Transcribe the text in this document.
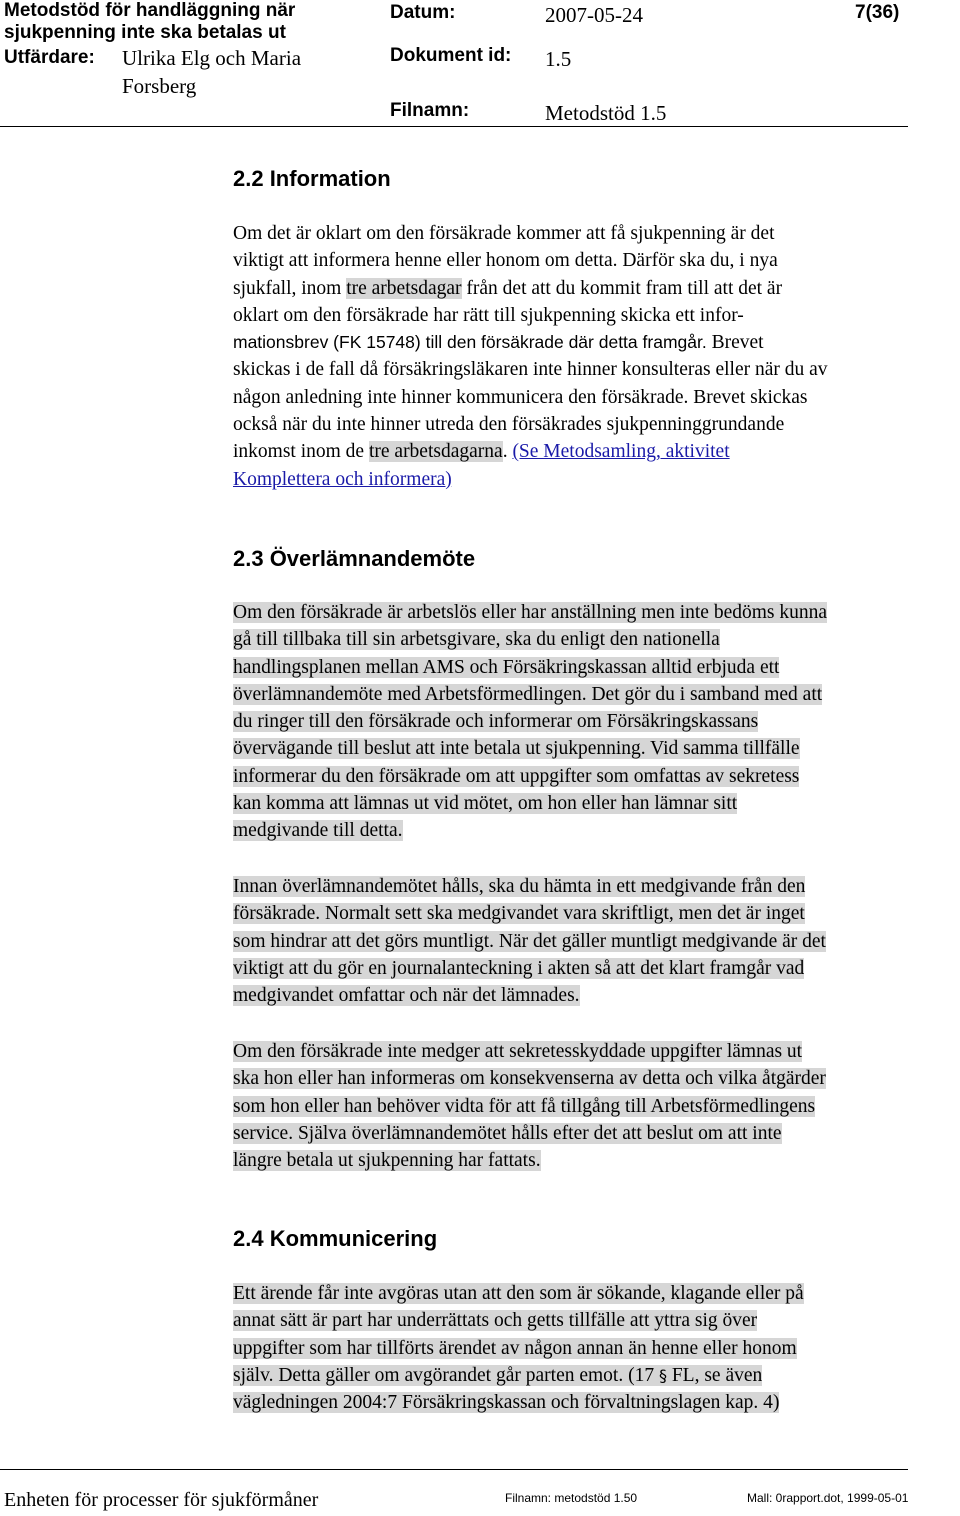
Metodstöd för handläggning när
sjukpenning inte ska betalas ut
Utfärdare: Ulrika Elg och Maria
Forsberg
Datum:	2007-05-24
Dokument id: 1.5
Filnamn:	Metodstöd 1.5
7(36)
2.2 Information
Om det är oklart om den försäkrade kommer att få sjukpenning är det
viktigt att informera henne eller honom om detta. Därför ska du, i nya
sjukfall, inom tre arbetsdagar från det att du kommit fram till att det är
oklart om den försäkrade har rätt till sjukpenning skicka ett infor-
mationsbrev (FK 15748) till den försäkrade där detta framgår. Brevet
skickas i de fall då försäkringsläkaren inte hinner konsulteras eller när du av
någon anledning inte hinner kommunicera den försäkrade. Brevet skickas
också när du inte hinner utreda den försäkrades sjukpenninggrundande
inkomst inom de tre arbetsdagarna. (Se Metodsamling, aktivitet
Komplettera och informera)
2.3 Överlämnandemöte
Om den försäkrade är arbetslös eller har anställning men inte bedöms kunna
gå till tillbaka till sin arbetsgivare, ska du enligt den nationella
handlingsplanen mellan AMS och Försäkringskassan alltid erbjuda ett
överlämnandemöte med Arbetsförmedlingen. Det gör du i samband med att
du ringer till den försäkrade och informerar om Försäkringskassans
övervägande till beslut att inte betala ut sjukpenning. Vid samma tillfälle
informerar du den försäkrade om att uppgifter som omfattas av sekretess
kan komma att lämnas ut vid mötet, om hon eller han lämnar sitt
medgivande till detta.
Innan överlämnandemötet hålls, ska du hämta in ett medgivande från den
försäkrade. Normalt sett ska medgivandet vara skriftligt, men det är inget
som hindrar att det görs muntligt. När det gäller muntligt medgivande är det
viktigt att du gör en journalanteckning i akten så att det klart framgår vad
medgivandet omfattar och när det lämnades.
Om den försäkrade inte medger att sekretesskyddade uppgifter lämnas ut
ska hon eller han informeras om konsekvenserna av detta och vilka åtgärder
som hon eller han behöver vidta för att få tillgång till Arbetsförmedlingens
service. Själva överlämnandemötet hålls efter det att beslut om att inte
längre betala ut sjukpenning har fattats.
2.4 Kommunicering
Ett ärende får inte avgöras utan att den som är sökande, klagande eller på
annat sätt är part har underrättats och getts tillfälle att yttra sig över
uppgifter som har tillförts ärendet av någon annan än henne eller honom
själv. Detta gäller om avgörandet går parten emot. (17 § FL, se även
vägledningen 2004:7 Försäkringskassan och förvaltningslagen kap. 4)
Enheten för processer för sjukförmåner	Filnamn: metodstöd 1.50	Mall: 0rapport.dot, 1999-05-01
